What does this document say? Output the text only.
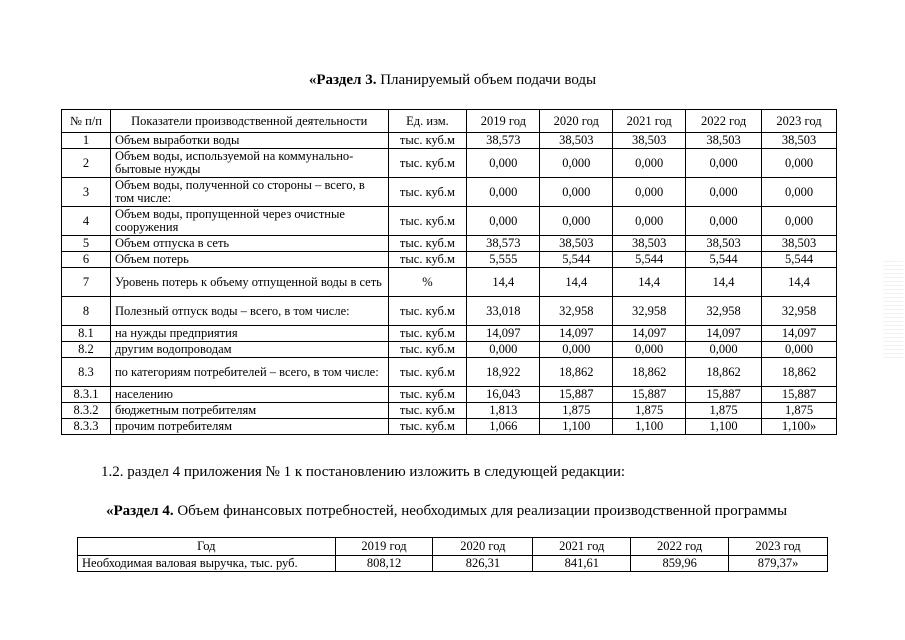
«Раздел 3. Планируемый объем подачи воды
№ п/п	Показатели производственной деятельности	Ед. изм.	2019 год	2020 год	2021 год	2022 год	2023 год
1	Объем выработки воды	тыс. куб.м	38,573	38,503	38,503	38,503	38,503
2	Объем воды, используемой на коммунально-бытовые нужды	тыс. куб.м	0,000	0,000	0,000	0,000	0,000
3	Объем воды, полученной со стороны – всего, в том числе:	тыс. куб.м	0,000	0,000	0,000	0,000	0,000
4	Объем воды, пропущенной через очистные сооружения	тыс. куб.м	0,000	0,000	0,000	0,000	0,000
5	Объем отпуска в сеть	тыс. куб.м	38,573	38,503	38,503	38,503	38,503
6	Объем потерь	тыс. куб.м	5,555	5,544	5,544	5,544	5,544
7	Уровень потерь к объему отпущенной воды в сеть	%	14,4	14,4	14,4	14,4	14,4
8	Полезный отпуск воды – всего, в том числе:	тыс. куб.м	33,018	32,958	32,958	32,958	32,958
8.1	на нужды предприятия	тыс. куб.м	14,097	14,097	14,097	14,097	14,097
8.2	другим водопроводам	тыс. куб.м	0,000	0,000	0,000	0,000	0,000
8.3	по категориям потребителей – всего, в том числе:	тыс. куб.м	18,922	18,862	18,862	18,862	18,862
8.3.1	населению	тыс. куб.м	16,043	15,887	15,887	15,887	15,887
8.3.2	бюджетным потребителям	тыс. куб.м	1,813	1,875	1,875	1,875	1,875
8.3.3	прочим потребителям	тыс. куб.м	1,066	1,100	1,100	1,100	1,100»
1.2. раздел 4 приложения № 1 к постановлению изложить в следующей редакции:
«Раздел 4. Объем финансовых потребностей, необходимых для реализации производственной программы
Год	2019 год	2020 год	2021 год	2022 год	2023 год
Необходимая валовая выручка, тыс. руб.	808,12	826,31	841,61	859,96	879,37»
